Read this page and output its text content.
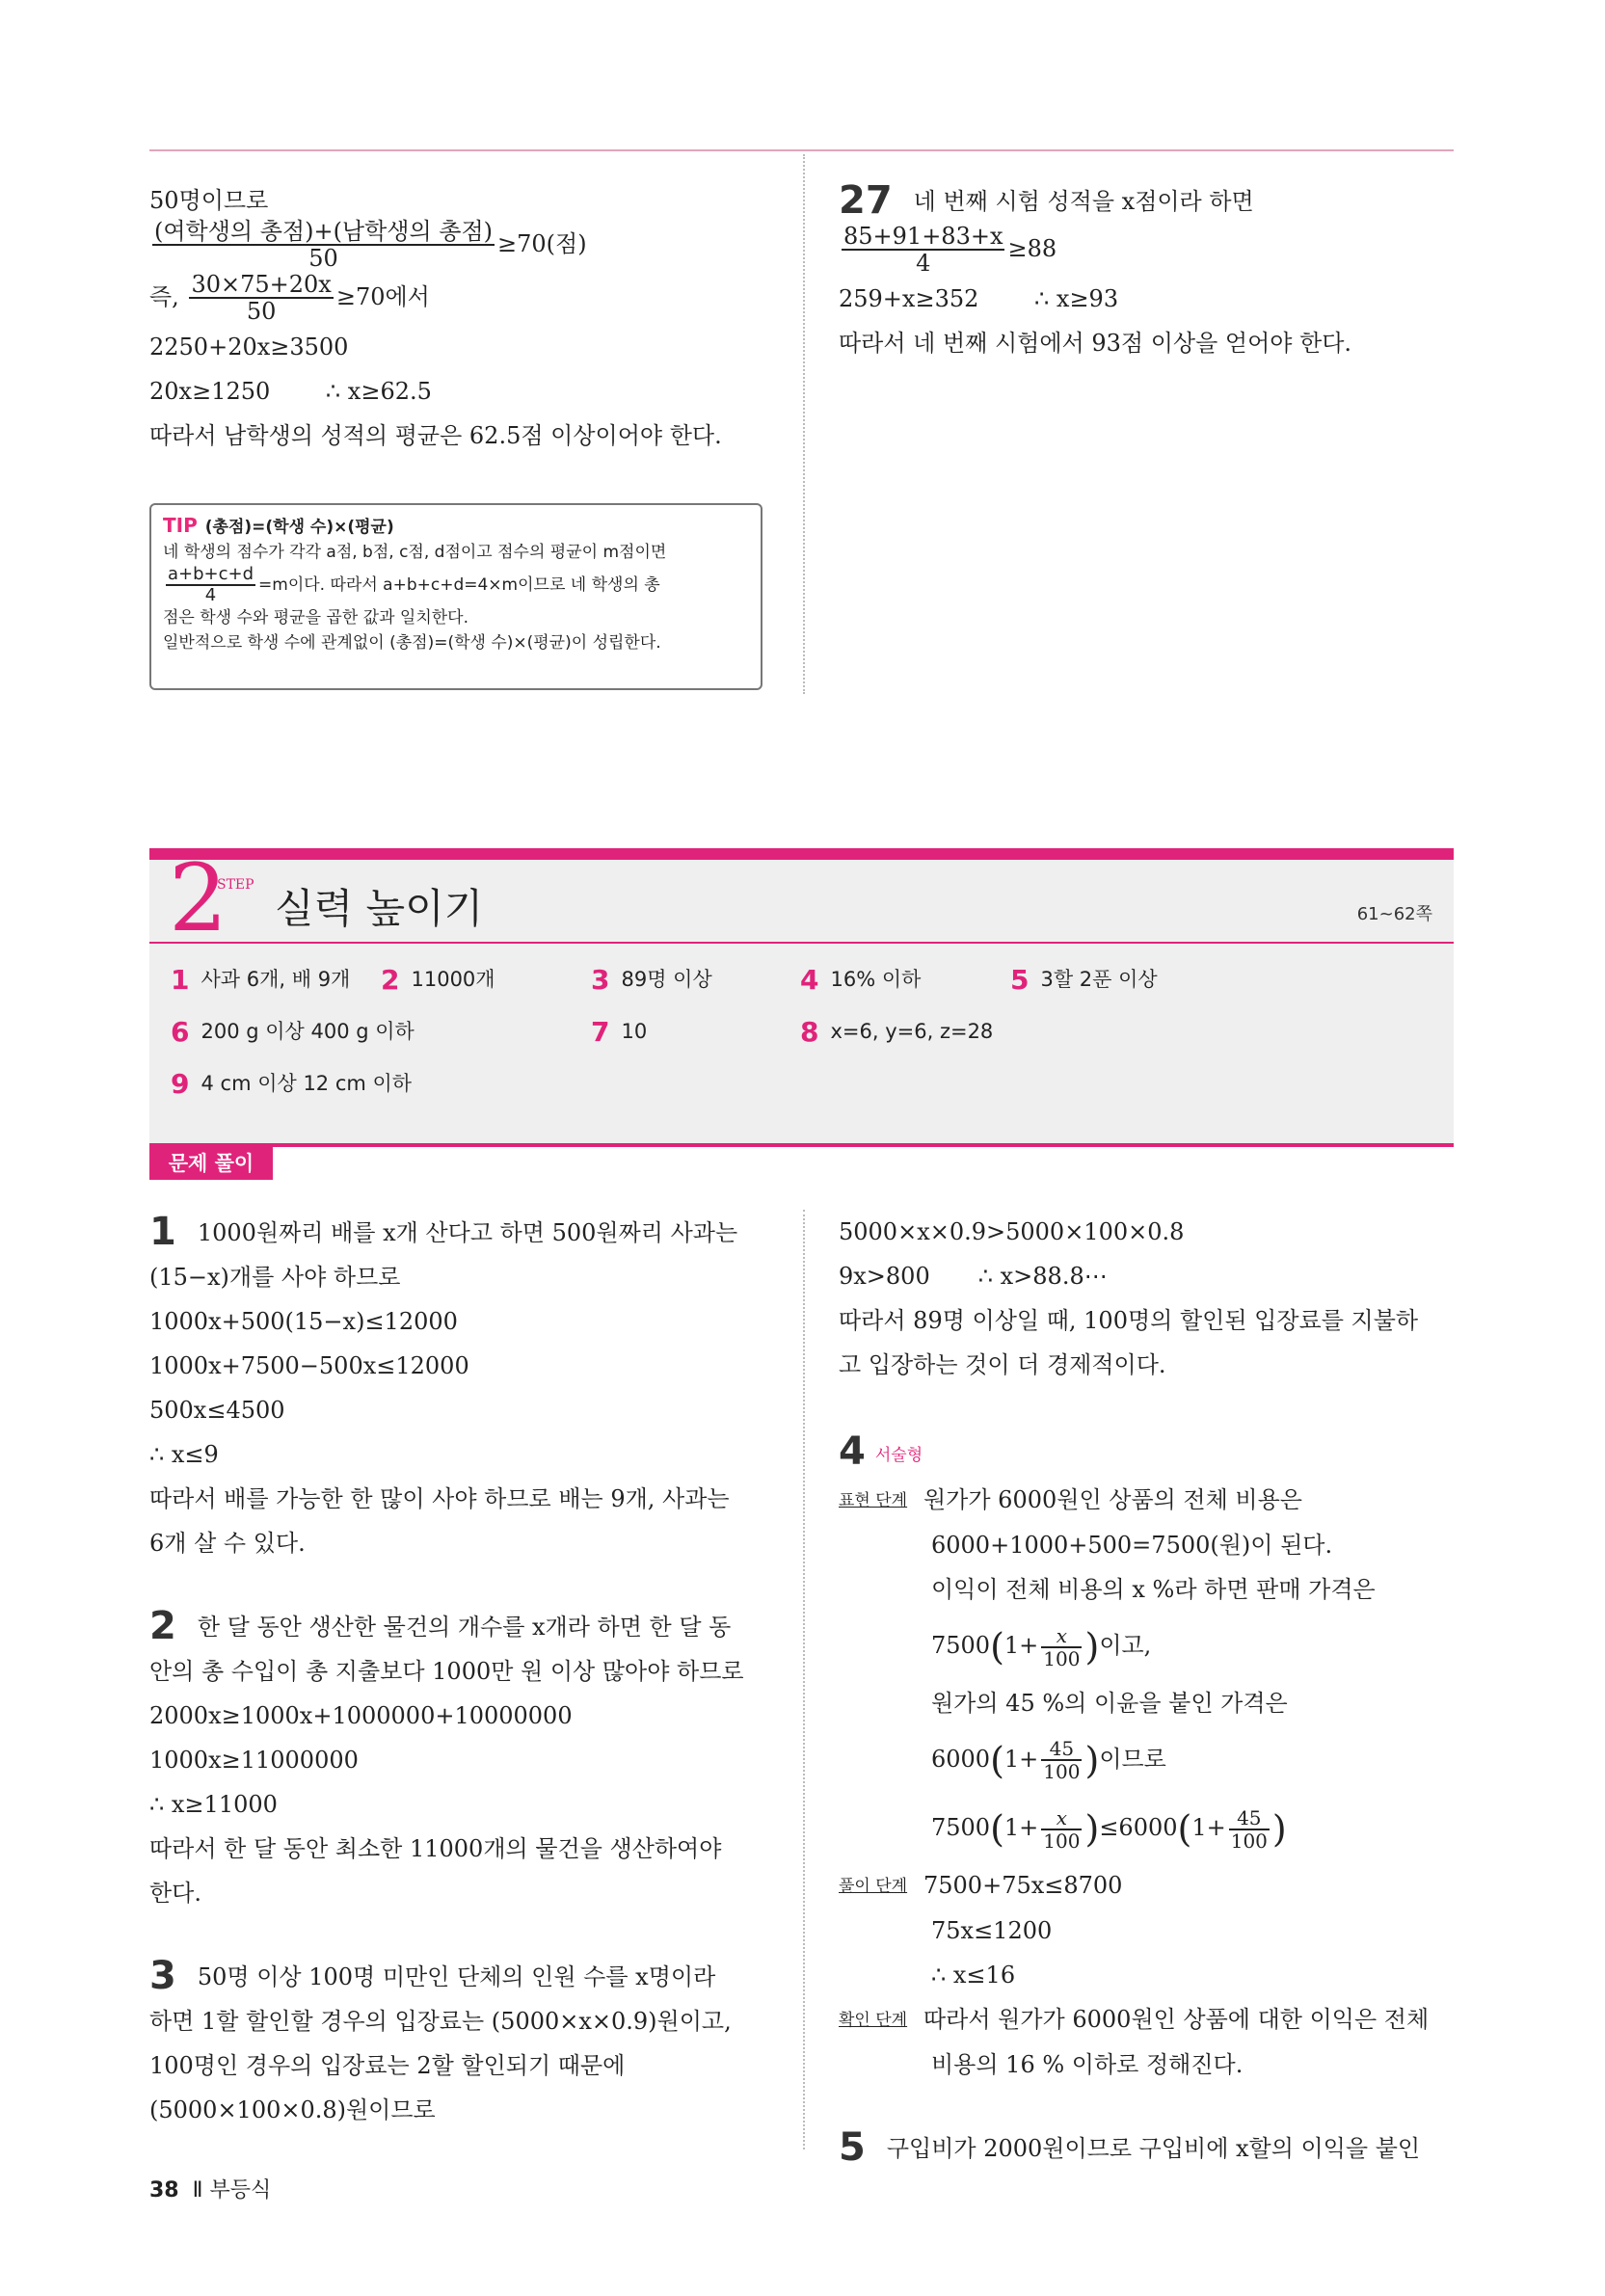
50명이므로
$\frac{\text{(여학생의 총점)+(남학생의 총점)}}{50} \ge 70$(점)
즉, $\frac{30\times 75+20x}{50} \ge 70$에서
2250+20x≥3500
20x≥1250 ∴ x≥62.5
따라서 남학생의 성적의 평균은 62.5점 이상이어야 한다.
TIP (총점)=(학생 수)×(평균)
네 학생의 점수가 각각 a점, b점, c점, d점이고 점수의 평균이 m점이면
$\frac{a+b+c+d}{4} =m$이다. 따라서 a+b+c+d=4×m이므로 네 학생의 총
점은 학생 수와 평균을 곱한 값과 일치한다.
일반적으로 학생 수에 관계없이 (총점)=(학생 수)×(평균)이 성립한다.
27 네 번째 시험 성적을 x점이라 하면
$\frac{85+91+83+x}{4} \ge 88$
259+x≥352 ∴ x≥93
따라서 네 번째 시험에서 93점 이상을 얻어야 한다.
2
STEP 실력 높이기	61~62쪽
1 사과 6개, 배 9개 2 11000개	3 89명 이상	4 16% 이하	5 3할 2푼 이상
6 200 g 이상 400 g 이하	7 10	8 x=6, y=6, z=28
9 4 cm 이상 12 cm 이하
문제 풀이
1 1000원짜리 배를 x개 산다고 하면 500원짜리 사과는
(15−x)개를 사야 하므로
1000x+500(15−x)≤12000
1000x+7500−500x≤12000
500x≤4500
∴ x≤9
따라서 배를 가능한 한 많이 사야 하므로 배는 9개, 사과는
6개 살 수 있다.
2 한 달 동안 생산한 물건의 개수를 x개라 하면 한 달 동
안의 총 수입이 총 지출보다 1000만 원 이상 많아야 하므로
2000x≥1000x+1000000+10000000
1000x≥11000000
∴ x≥11000
따라서 한 달 동안 최소한 11000개의 물건을 생산하여야
한다.
3 50명 이상 100명 미만인 단체의 인원 수를 x명이라
하면 1할 할인할 경우의 입장료는 (5000×x×0.9)원이고,
100명인 경우의 입장료는 2할 할인되기 때문에
(5000×100×0.8)원이므로
5000×x×0.9>5000×100×0.8
9x>800 ∴ x>88.8⋯
따라서 89명 이상일 때, 100명의 할인된 입장료를 지불하
고 입장하는 것이 더 경제적이다.
4 서술형
표현 단계 원가가 6000원인 상품의 전체 비용은
6000+1000+500=7500(원)이 된다.
이익이 전체 비용의 x %라 하면 판매 가격은
$7500(1+ \frac{x}{100}$ )이고,
원가의 45 %의 이윤을 붙인 가격은
$6000(1+ \frac{45}{100}$ )이므로
$7500(1+ \frac{x}{100} )\le 6000(1+ \frac{45}{100}$ )
풀이 단계 7500+75x≤8700
75x≤1200
∴ x≤16
확인 단계 따라서 원가가 6000원인 상품에 대한 이익은 전체
비용의 16 % 이하로 정해진다.
5 구입비가 2000원이므로 구입비에 x할의 이익을 붙인
38 Ⅱ 부등식
